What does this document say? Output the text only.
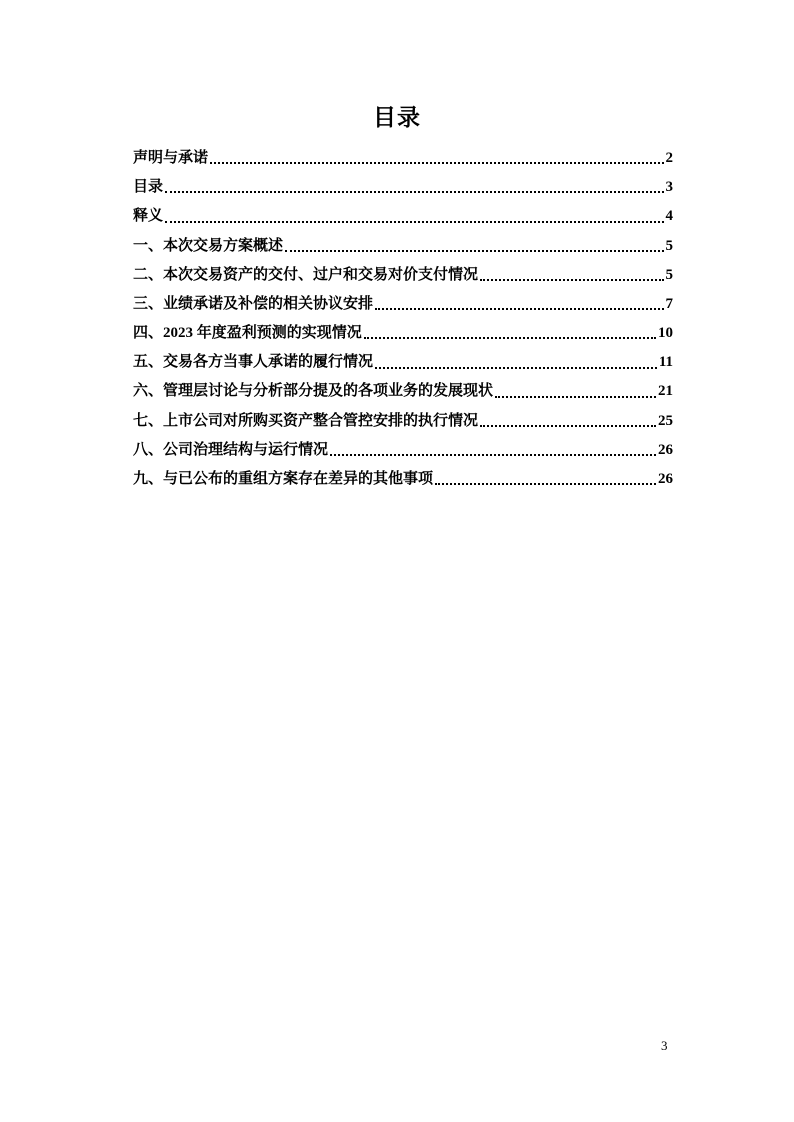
目录
声明与承诺	2
目录	3
释义	4
一、本次交易方案概述	5
二、本次交易资产的交付、过户和交易对价支付情况	5
三、业绩承诺及补偿的相关协议安排	7
四、2023 年度盈利预测的实现情况	10
五、交易各方当事人承诺的履行情况	11
六、管理层讨论与分析部分提及的各项业务的发展现状	21
七、上市公司对所购买资产整合管控安排的执行情况	25
八、公司治理结构与运行情况	26
九、与已公布的重组方案存在差异的其他事项	26
3
